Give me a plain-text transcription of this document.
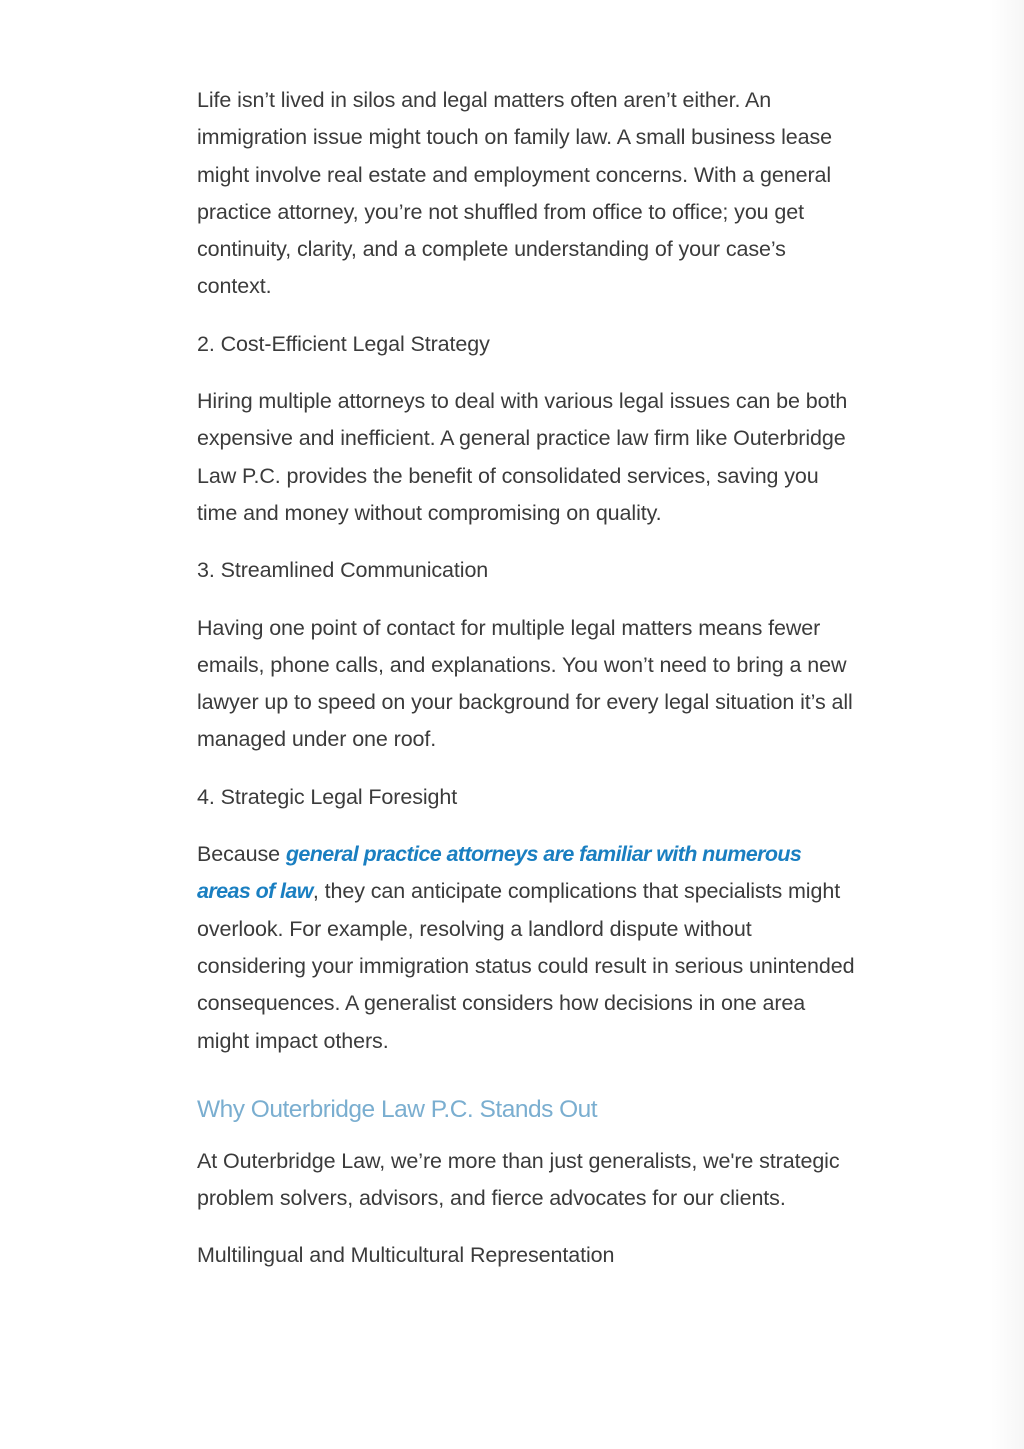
Life isn’t lived in silos and legal matters often aren’t either. An immigration issue might touch on family law. A small business lease might involve real estate and employment concerns. With a general practice attorney, you’re not shuffled from office to office; you get continuity, clarity, and a complete understanding of your case’s context.

2. Cost-Efficient Legal Strategy

Hiring multiple attorneys to deal with various legal issues can be both expensive and inefficient. A general practice law firm like Outerbridge Law P.C. provides the benefit of consolidated services, saving you time and money without compromising on quality.

3. Streamlined Communication

Having one point of contact for multiple legal matters means fewer emails, phone calls, and explanations. You won’t need to bring a new lawyer up to speed on your background for every legal situation it’s all managed under one roof.

4. Strategic Legal Foresight

Because general practice attorneys are familiar with numerous areas of law, they can anticipate complications that specialists might overlook. For example, resolving a landlord dispute without considering your immigration status could result in serious unintended consequences. A generalist considers how decisions in one area might impact others.

Why Outerbridge Law P.C. Stands Out

At Outerbridge Law, we’re more than just generalists, we're strategic problem solvers, advisors, and fierce advocates for our clients.

Multilingual and Multicultural Representation
